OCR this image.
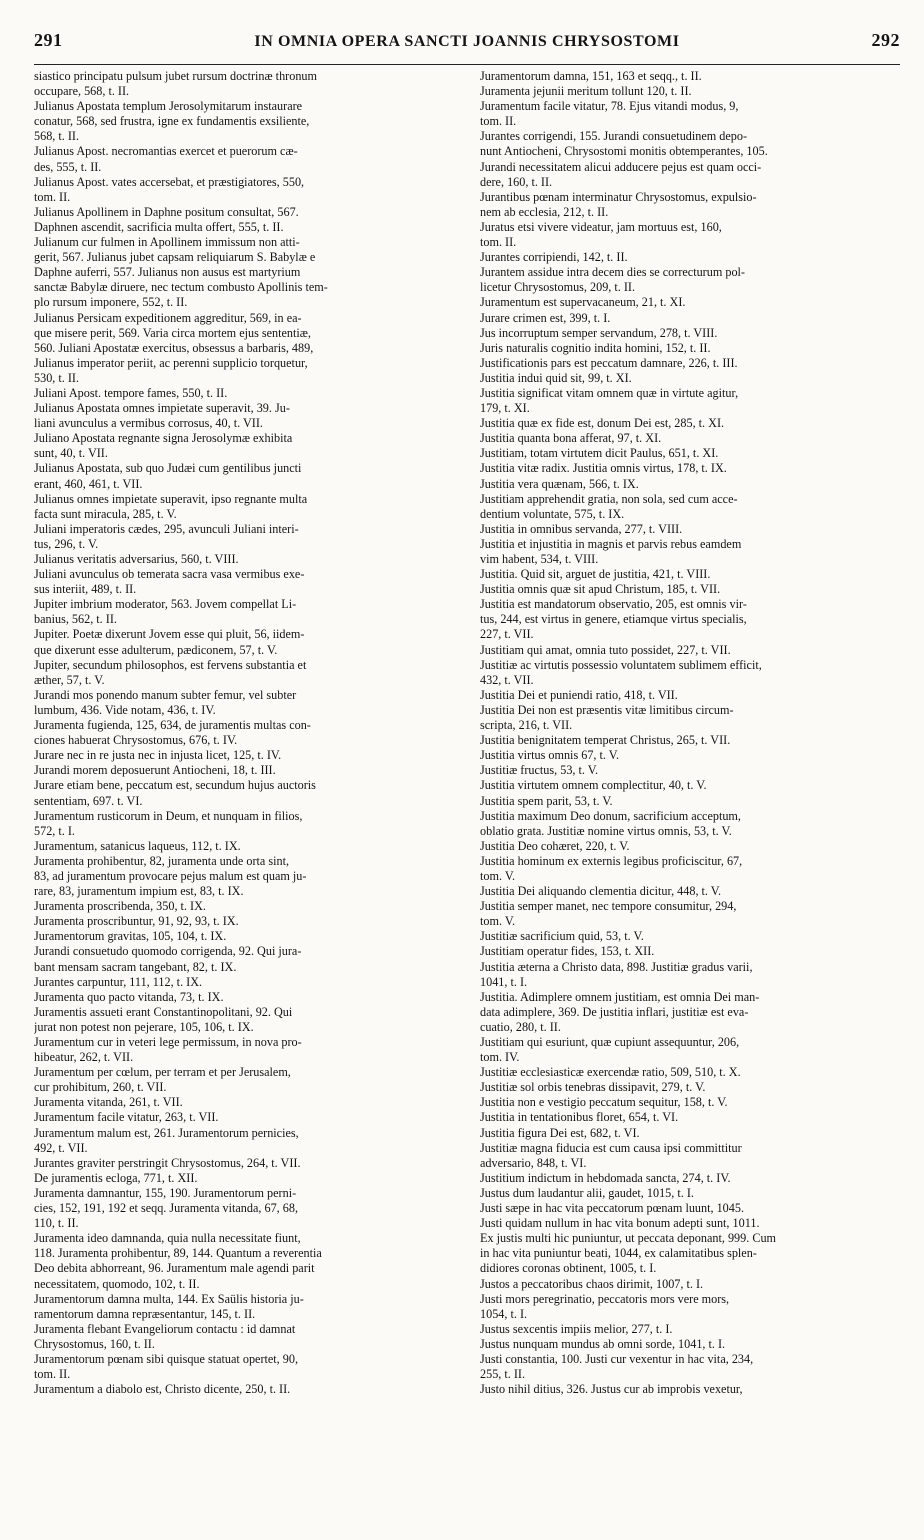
291	IN OMNIA OPERA SANCTI JOANNIS CHRYSOSTOMI	292

siastico principatu pulsum jubet rursum doctrinæ thronum

occupare, 568, t. II.

Julianus Apostata templum Jerosolymitarum instaurare

conatur, 568, sed frustra, igne ex fundamentis exsiliente,

568, t. II.

Julianus Apost. necromantias exercet et puerorum cæ-

des, 555, t. II.

Julianus Apost. vates accersebat, et præstigiatores, 550,

tom. II.

Julianus Apollinem in Daphne positum consultat, 567.

Daphnen ascendit, sacrificia multa offert, 555, t. II.

Julianum cur fulmen in Apollinem immissum non atti-

gerit, 567. Julianus jubet capsam reliquiarum S. Babylæ e

Daphne auferri, 557. Julianus non ausus est martyrium

sanctæ Babylæ diruere, nec tectum combusto Apollinis tem-

plo rursum imponere, 552, t. II.

Julianus Persicam expeditionem aggreditur, 569, in ea-

que misere perit, 569. Varia circa mortem ejus sententiæ,

560. Juliani Apostatæ exercitus, obsessus a barbaris, 489,

Julianus imperator periit, ac perenni supplicio torquetur,

530, t. II.

Juliani Apost. tempore fames, 550, t. II.

Julianus Apostata omnes impietate superavit, 39. Ju-

liani avunculus a vermibus corrosus, 40, t. VII.

Juliano Apostata regnante signa Jerosolymæ exhibita

sunt, 40, t. VII.

Julianus Apostata, sub quo Judæi cum gentilibus juncti

erant, 460, 461, t. VII.

Julianus omnes impietate superavit, ipso regnante multa

facta sunt miracula, 285, t. V.

Juliani imperatoris cædes, 295, avunculi Juliani interi-

tus, 296, t. V.

Julianus veritatis adversarius, 560, t. VIII.

Juliani avunculus ob temerata sacra vasa vermibus exe-

sus interiit, 489, t. II.

Jupiter imbrium moderator, 563. Jovem compellat Li-

banius, 562, t. II.

Jupiter. Poetæ dixerunt Jovem esse qui pluit, 56, iidem-

que dixerunt esse adulterum, pædiconem, 57, t. V.

Jupiter, secundum philosophos, est fervens substantia et

æther, 57, t. V.

Jurandi mos ponendo manum subter femur, vel subter

lumbum, 436. Vide notam, 436, t. IV.

Juramenta fugienda, 125, 634, de juramentis multas con-

ciones habuerat Chrysostomus, 676, t. IV.

Jurare nec in re justa nec in injusta licet, 125, t. IV.

Jurandi morem deposuerunt Antiocheni, 18, t. III.

Jurare etiam bene, peccatum est, secundum hujus auctoris

sententiam, 697. t. VI.

Juramentum rusticorum in Deum, et nunquam in filios,

572, t. I.

Juramentum, satanicus laqueus, 112, t. IX.

Juramenta prohibentur, 82, juramenta unde orta sint,

83, ad juramentum provocare pejus malum est quam ju-

rare, 83, juramentum impium est, 83, t. IX.

Juramenta proscribenda, 350, t. IX.

Juramenta proscribuntur, 91, 92, 93, t. IX.

Juramentorum gravitas, 105, 104, t. IX.

Jurandi consuetudo quomodo corrigenda, 92. Qui jura-

bant mensam sacram tangebant, 82, t. IX.

Jurantes carpuntur, 111, 112, t. IX.

Juramenta quo pacto vitanda, 73, t. IX.

Juramentis assueti erant Constantinopolitani, 92. Qui

jurat non potest non pejerare, 105, 106, t. IX.

Juramentum cur in veteri lege permissum, in nova pro-

hibeatur, 262, t. VII.

Juramentum per cœlum, per terram et per Jerusalem,

cur prohibitum, 260, t. VII.

Juramenta vitanda, 261, t. VII.

Juramentum facile vitatur, 263, t. VII.

Juramentum malum est, 261. Juramentorum pernicies,

492, t. VII.

Jurantes graviter perstringit Chrysostomus, 264, t. VII.

De juramentis ecloga, 771, t. XII.

Juramenta damnantur, 155, 190. Juramentorum perni-

cies, 152, 191, 192 et seqq. Juramenta vitanda, 67, 68,

110, t. II.

Juramenta ideo damnanda, quia nulla necessitate fiunt,

118. Juramenta prohibentur, 89, 144. Quantum a reverentia

Deo debita abhorreant, 96. Juramentum male agendi parit

necessitatem, quomodo, 102, t. II.

Juramentorum damna multa, 144. Ex Saülis historia ju-

ramentorum damna repræsentantur, 145, t. II.

Juramenta flebant Evangeliorum contactu : id damnat

Chrysostomus, 160, t. II.

Juramentorum pœnam sibi quisque statuat opertet, 90,

tom. II.

Juramentum a diabolo est, Christo dicente, 250, t. II.

Juramentorum damna, 151, 163 et seqq., t. II.

Juramenta jejunii meritum tollunt 120, t. II.

Juramentum facile vitatur, 78. Ejus vitandi modus, 9,

tom. II.

Jurantes corrigendi, 155. Jurandi consuetudinem depo-

nunt Antiocheni, Chrysostomi monitis obtemperantes, 105.

Jurandi necessitatem alicui adducere pejus est quam occi-

dere, 160, t. II.

Jurantibus pœnam interminatur Chrysostomus, expulsio-

nem ab ecclesia, 212, t. II.

Juratus etsi vivere videatur, jam mortuus est, 160,

tom. II.

Jurantes corripiendi, 142, t. II.

Jurantem assidue intra decem dies se correcturum pol-

licetur Chrysostomus, 209, t. II.

Juramentum est supervacaneum, 21, t. XI.

Jurare crimen est, 399, t. I.

Jus incorruptum semper servandum, 278, t. VIII.

Juris naturalis cognitio indita homini, 152, t. II.

Justificationis pars est peccatum damnare, 226, t. III.

Justitia indui quid sit, 99, t. XI.

Justitia significat vitam omnem quæ in virtute agitur,

179, t. XI.

Justitia quæ ex fide est, donum Dei est, 285, t. XI.

Justitia quanta bona afferat, 97, t. XI.

Justitiam, totam virtutem dicit Paulus, 651, t. XI.

Justitia vitæ radix. Justitia omnis virtus, 178, t. IX.

Justitia vera quænam, 566, t. IX.

Justitiam apprehendit gratia, non sola, sed cum acce-

dentium voluntate, 575, t. IX.

Justitia in omnibus servanda, 277, t. VIII.

Justitia et injustitia in magnis et parvis rebus eamdem

vim habent, 534, t. VIII.

Justitia. Quid sit, arguet de justitia, 421, t. VIII.

Justitia omnis quæ sit apud Christum, 185, t. VII.

Justitia est mandatorum observatio, 205, est omnis vir-

tus, 244, est virtus in genere, etiamque virtus specialis,

227, t. VII.

Justitiam qui amat, omnia tuto possidet, 227, t. VII.

Justitiæ ac virtutis possessio voluntatem sublimem efficit,

432, t. VII.

Justitia Dei et puniendi ratio, 418, t. VII.

Justitia Dei non est præsentis vitæ limitibus circum-

scripta, 216, t. VII.

Justitia benignitatem temperat Christus, 265, t. VII.

Justitia virtus omnis 67, t. V.

Justitiæ fructus, 53, t. V.

Justitia virtutem omnem complectitur, 40, t. V.

Justitia spem parit, 53, t. V.

Justitia maximum Deo donum, sacrificium acceptum,

oblatio grata. Justitiæ nomine virtus omnis, 53, t. V.

Justitia Deo cohæret, 220, t. V.

Justitia hominum ex externis legibus proficiscitur, 67,

tom. V.

Justitia Dei aliquando clementia dicitur, 448, t. V.

Justitia semper manet, nec tempore consumitur, 294,

tom. V.

Justitiæ sacrificium quid, 53, t. V.

Justitiam operatur fides, 153, t. XII.

Justitia æterna a Christo data, 898. Justitiæ gradus varii,

1041, t. I.

Justitia. Adimplere omnem justitiam, est omnia Dei man-

data adimplere, 369. De justitia inflari, justitiæ est eva-

cuatio, 280, t. II.

Justitiam qui esuriunt, quæ cupiunt assequuntur, 206,

tom. IV.

Justitiæ ecclesiasticæ exercendæ ratio, 509, 510, t. X.

Justitiæ sol orbis tenebras dissipavit, 279, t. V.

Justitia non e vestigio peccatum sequitur, 158, t. V.

Justitia in tentationibus floret, 654, t. VI.

Justitia figura Dei est, 682, t. VI.

Justitiæ magna fiducia est cum causa ipsi committitur

adversario, 848, t. VI.

Justitium indictum in hebdomada sancta, 274, t. IV.

Justus dum laudantur alii, gaudet, 1015, t. I.

Justi sæpe in hac vita peccatorum pœnam luunt, 1045.

Justi quidam nullum in hac vita bonum adepti sunt, 1011.

Ex justis multi hic puniuntur, ut peccata deponant, 999. Cum

in hac vita puniuntur beati, 1044, ex calamitatibus splen-

didiores coronas obtinent, 1005, t. I.

Justos a peccatoribus chaos dirimit, 1007, t. I.

Justi mors peregrinatio, peccatoris mors vere mors,

1054, t. I.

Justus sexcentis impiis melior, 277, t. I.

Justus nunquam mundus ab omni sorde, 1041, t. I.

Justi constantia, 100. Justi cur vexentur in hac vita, 234,

255, t. II.

Justo nihil ditius, 326. Justus cur ab improbis vexetur,
